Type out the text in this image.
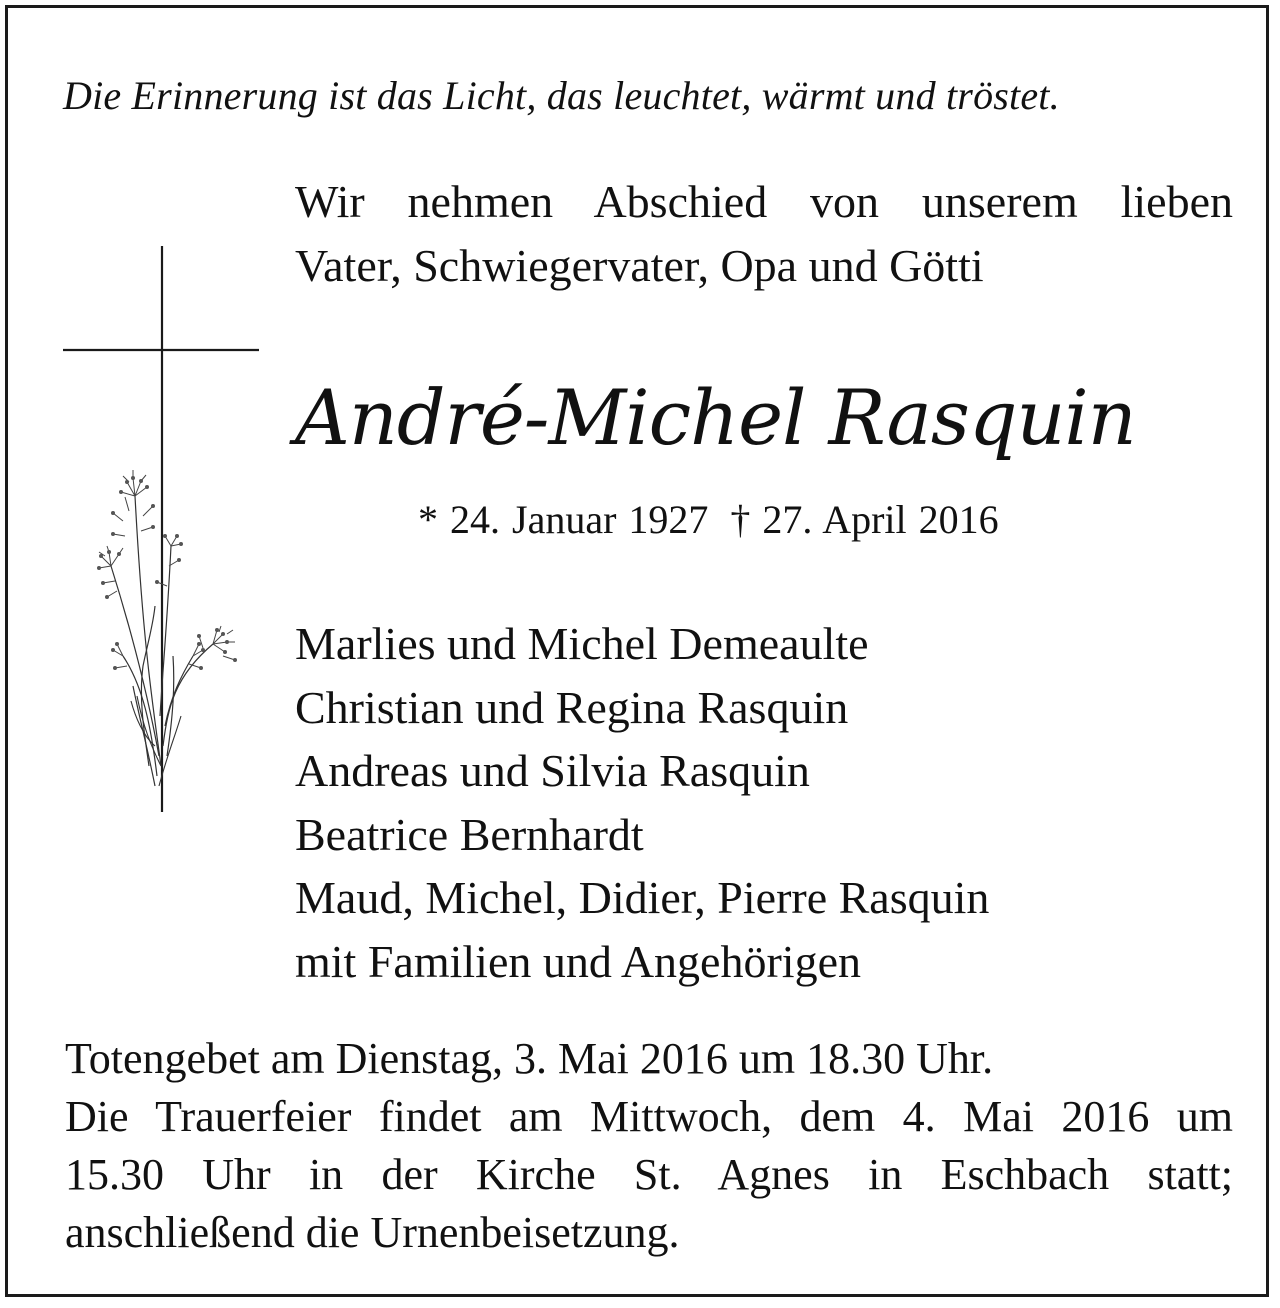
Die Erinnerung ist das Licht, das leuchtet, wärmt und tröstet.
Wir nehmen Abschied von unserem lieben
Vater, Schwiegervater, Opa und Götti
André-Michel Rasquin
* 24. Januar 1927 † 27. April 2016
Marlies und Michel Demeaulte
Christian und Regina Rasquin
Andreas und Silvia Rasquin
Beatrice Bernhardt
Maud, Michel, Didier, Pierre Rasquin
mit Familien und Angehörigen
Totengebet am Dienstag, 3. Mai 2016 um 18.30 Uhr.
Die Trauerfeier findet am Mittwoch, dem 4. Mai 2016 um
15.30 Uhr in der Kirche St. Agnes in Eschbach statt;
anschließend die Urnenbeisetzung.
